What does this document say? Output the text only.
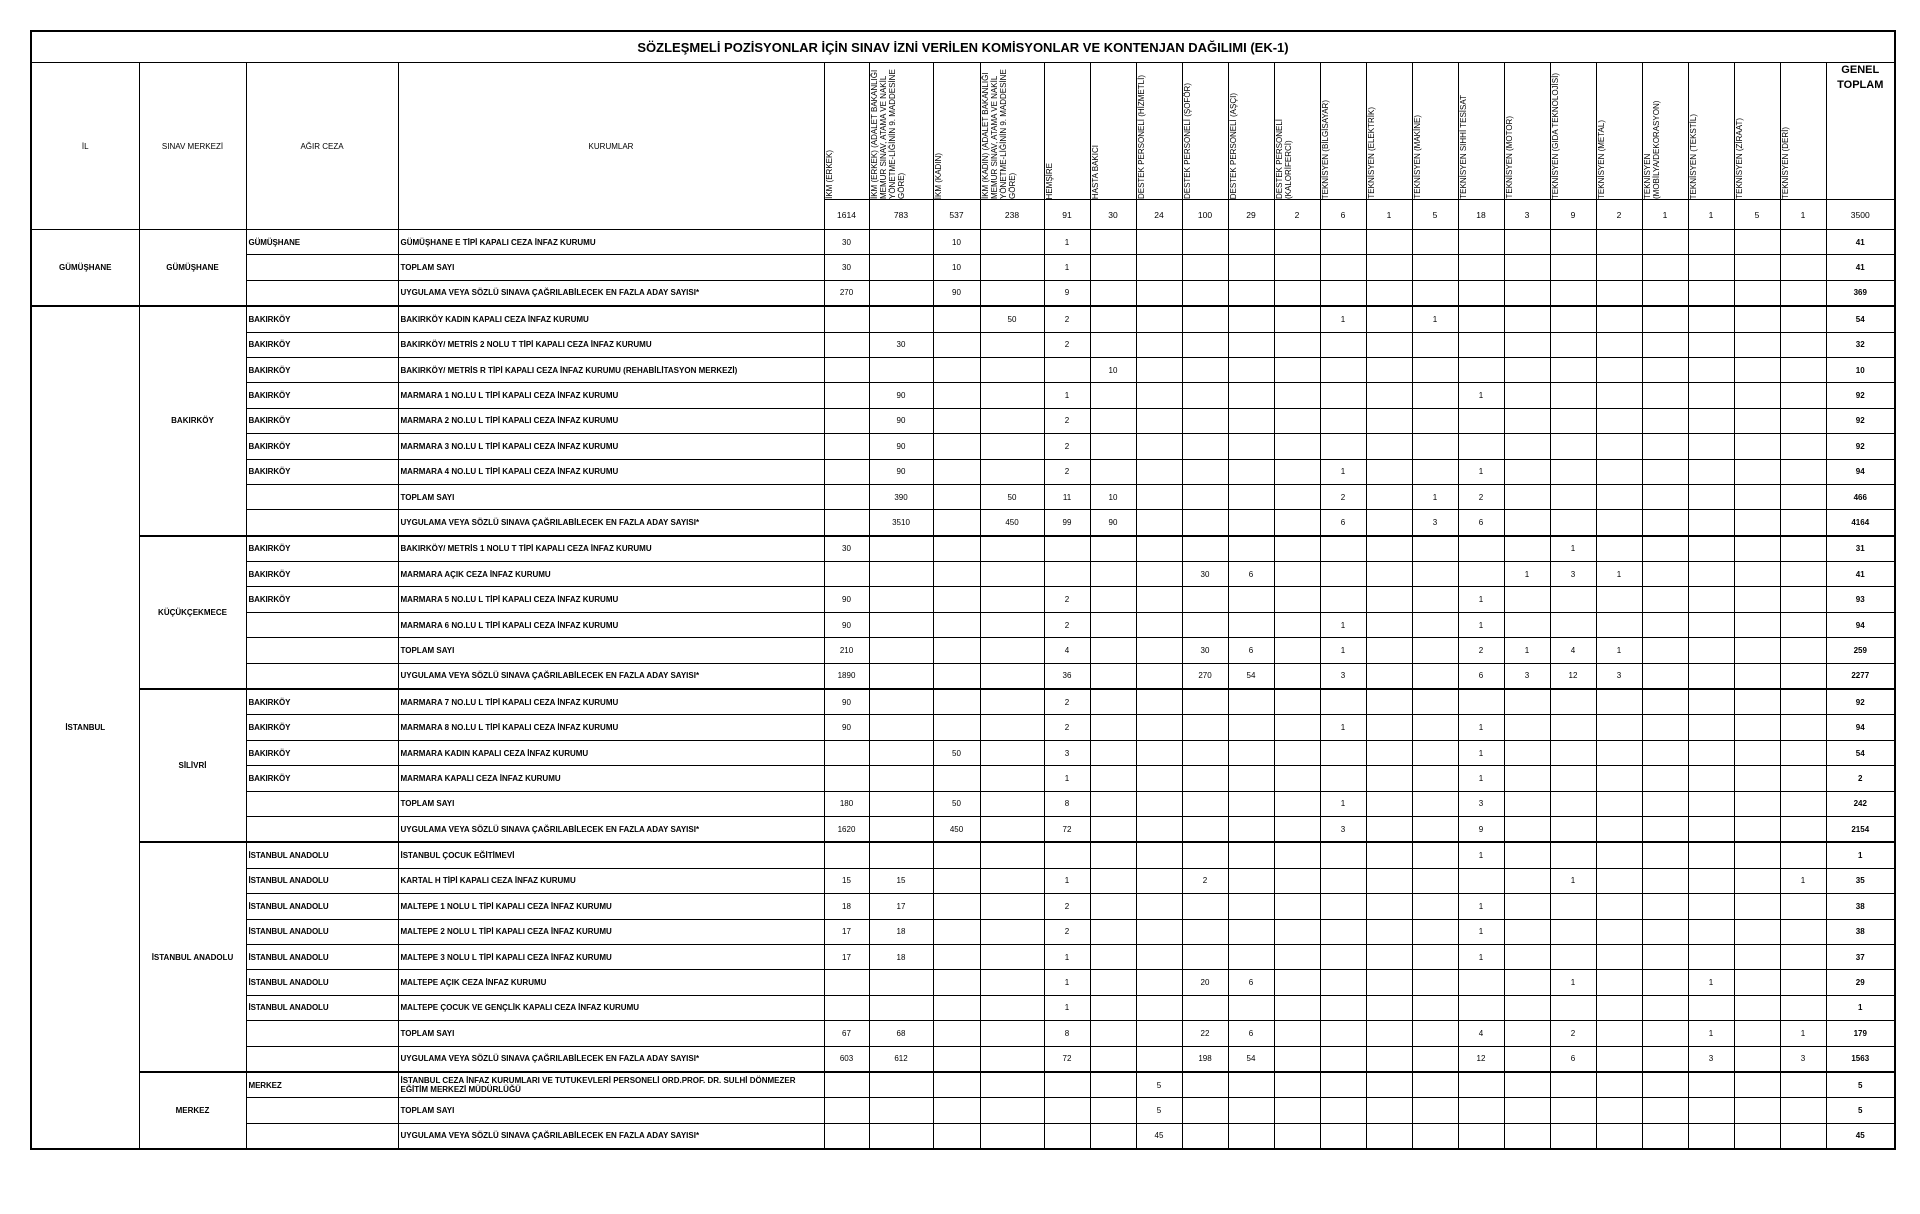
SÖZLEŞMELİ POZİSYONLAR İÇİN SINAV İZNİ VERİLEN KOMİSYONLAR VE KONTENJAN DAĞILIMI (EK-1)																									
İL	SINAV MERKEZİ	AĞIR CEZA	KURUMLAR	İKM (ERKEK)	İKM (ERKEK) (ADALET BAKANLIĞI MEMUR SINAV, ATAMA VE NAKİL YÖNETME-LİĞİNİN 9. MADDESİNE GÖRE)	İKM (KADIN)	İKM (KADIN) (ADALET BAKANLIĞI MEMUR SINAV, ATAMA VE NAKİL YÖNETME-LİĞİNİN 9. MADDESİNE GÖRE)	HEMŞİRE	HASTA BAKICI	DESTEK PERSONELİ (HİZMETLİ)	DESTEK PERSONELİ (ŞOFÖR)	DESTEK PERSONELİ (AŞÇI)	DESTEK PERSONELİ (KALORİFERCİ)	TEKNİSYEN (BİLGİSAYAR)	TEKNİSYEN (ELEKTRİK)	TEKNİSYEN (MAKİNE)	TEKNİSYEN SIHHİ TESİSAT	TEKNİSYEN (MOTOR)	TEKNİSYEN (GIDA TEKNOLOJİSİ)	TEKNİSYEN (METAL)	TEKNİSYEN (MOBİLYA/DEKORASYON)	TEKNİSYEN (TEKSTİL)	TEKNİSYEN (ZİRAAT)	TEKNİSYEN (DERİ)	GENEL TOPLAM
				1614	783	537	238	91	30	24	100	29	2	6	1	5	18	3	9	2	1	1	5	1	3500
GÜMÜŞHANE	GÜMÜŞHANE	GÜMÜŞHANE	GÜMÜŞHANE E TİPİ KAPALI CEZA İNFAZ KURUMU	30		10		1																	41
			TOPLAM SAYI	30		10		1																	41
			UYGULAMA VEYA SÖZLÜ SINAVA ÇAĞRILABİLECEK EN FAZLA ADAY SAYISI*	270		90		9																	369
İSTANBUL	BAKIRKÖY	BAKIRKÖY	BAKIRKÖY KADIN KAPALI CEZA İNFAZ KURUMU				50	2						1		1									54
		BAKIRKÖY	BAKIRKÖY/ METRİS 2 NOLU T TİPİ KAPALI CEZA İNFAZ KURUMU		30			2																	32
		BAKIRKÖY	BAKIRKÖY/ METRİS R TİPİ KAPALI CEZA İNFAZ KURUMU (REHABİLİTASYON MERKEZİ)						10																10
		BAKIRKÖY	MARMARA 1 NO.LU L TİPİ KAPALI CEZA İNFAZ KURUMU		90			1									1								92
		BAKIRKÖY	MARMARA 2 NO.LU L TİPİ KAPALI CEZA İNFAZ KURUMU		90			2																	92
		BAKIRKÖY	MARMARA 3 NO.LU L TİPİ KAPALI CEZA İNFAZ KURUMU		90			2																	92
		BAKIRKÖY	MARMARA 4 NO.LU L TİPİ KAPALI CEZA İNFAZ KURUMU		90			2						1			1								94
			TOPLAM SAYI		390		50	11	10					2		1	2								466
			UYGULAMA VEYA SÖZLÜ SINAVA ÇAĞRILABİLECEK EN FAZLA ADAY SAYISI*		3510		450	99	90					6		3	6								4164
	KÜÇÜKÇEKMECE	BAKIRKÖY	BAKIRKÖY/ METRİS 1 NOLU T TİPİ KAPALI CEZA İNFAZ KURUMU	30															1						31
		BAKIRKÖY	MARMARA AÇIK CEZA İNFAZ KURUMU								30	6						1	3	1					41
		BAKIRKÖY	MARMARA 5 NO.LU L TİPİ KAPALI CEZA İNFAZ KURUMU	90				2									1								93
			MARMARA 6 NO.LU L TİPİ KAPALI CEZA İNFAZ KURUMU	90				2						1			1								94
			TOPLAM SAYI	210				4			30	6		1			2	1	4	1					259
			UYGULAMA VEYA SÖZLÜ SINAVA ÇAĞRILABİLECEK EN FAZLA ADAY SAYISI*	1890				36			270	54		3			6	3	12	3					2277
	SİLİVRİ	BAKIRKÖY	MARMARA 7 NO.LU L TİPİ KAPALI CEZA İNFAZ KURUMU	90				2																	92
		BAKIRKÖY	MARMARA 8 NO.LU L TİPİ KAPALI CEZA İNFAZ KURUMU	90				2						1			1								94
		BAKIRKÖY	MARMARA KADIN KAPALI CEZA İNFAZ KURUMU			50		3									1								54
		BAKIRKÖY	MARMARA KAPALI CEZA İNFAZ KURUMU					1									1								2
			TOPLAM SAYI	180		50		8						1			3								242
			UYGULAMA VEYA SÖZLÜ SINAVA ÇAĞRILABİLECEK EN FAZLA ADAY SAYISI*	1620		450		72						3			9								2154
	İSTANBUL ANADOLU	İSTANBUL ANADOLU	İSTANBUL ÇOCUK EĞİTİMEVİ														1								1
		İSTANBUL ANADOLU	KARTAL H TİPİ KAPALI CEZA İNFAZ KURUMU	15	15			1			2								1					1	35
		İSTANBUL ANADOLU	MALTEPE 1 NOLU L TİPİ KAPALI CEZA İNFAZ KURUMU	18	17			2									1								38
		İSTANBUL ANADOLU	MALTEPE 2 NOLU L TİPİ KAPALI CEZA İNFAZ KURUMU	17	18			2									1								38
		İSTANBUL ANADOLU	MALTEPE 3 NOLU L TİPİ KAPALI CEZA İNFAZ KURUMU	17	18			1									1								37
		İSTANBUL ANADOLU	MALTEPE AÇIK CEZA İNFAZ KURUMU					1			20	6							1			1			29
		İSTANBUL ANADOLU	MALTEPE ÇOCUK VE GENÇLİK KAPALI CEZA İNFAZ KURUMU					1																	1
			TOPLAM SAYI	67	68			8			22	6					4		2			1		1	179
			UYGULAMA VEYA SÖZLÜ SINAVA ÇAĞRILABİLECEK EN FAZLA ADAY SAYISI*	603	612			72			198	54					12		6			3		3	1563
	MERKEZ	MERKEZ	İSTANBUL CEZA İNFAZ KURUMLARI VE TUTUKEVLERİ PERSONELİ ORD.PROF. DR. SULHİ DÖNMEZER EĞİTİM MERKEZİ MÜDÜRLÜĞÜ							5															5
			TOPLAM SAYI							5															5
			UYGULAMA VEYA SÖZLÜ SINAVA ÇAĞRILABİLECEK EN FAZLA ADAY SAYISI*							45															45
